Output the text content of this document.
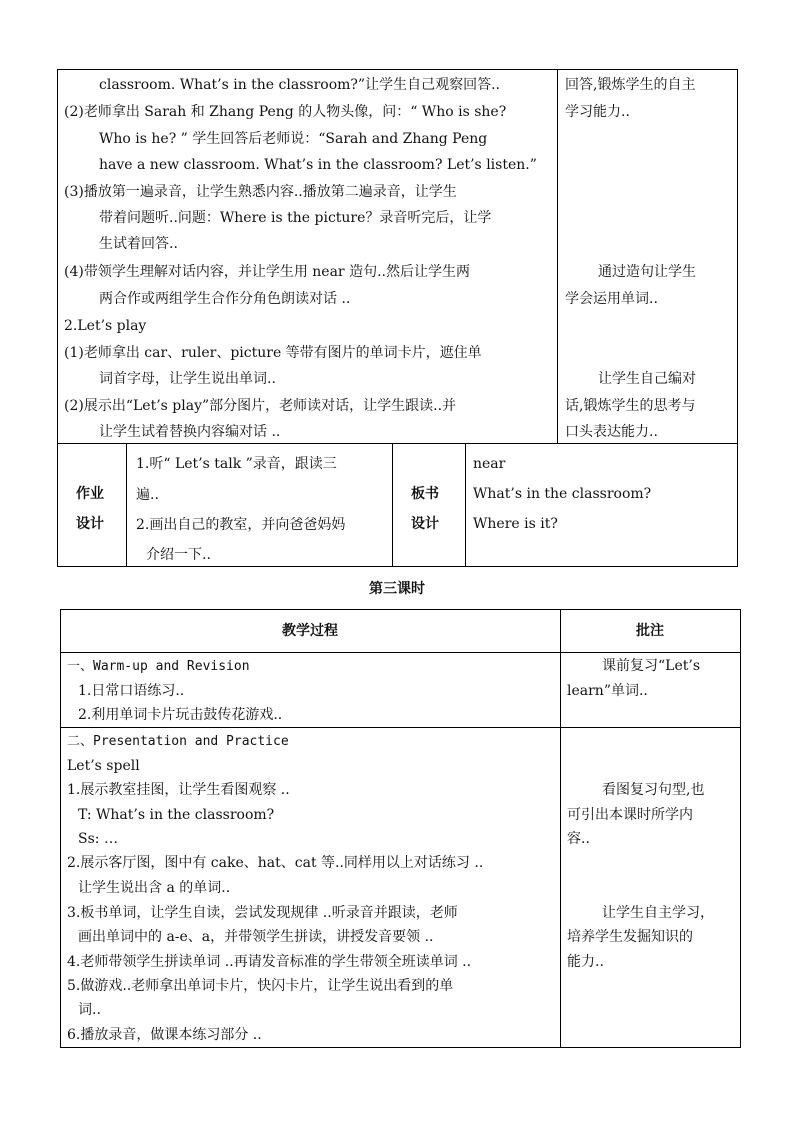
classroom. What’s in the classroom?”让学生自己观察回答..
(2)老师拿出 Sarah 和 Zhang Peng 的人物头像，问：“ Who is she?
Who is he? ” 学生回答后老师说：“Sarah and Zhang Peng
have a new classroom. What’s in the classroom? Let’s listen.”
(3)播放第一遍录音，让学生熟悉内容..播放第二遍录音，让学生
带着问题听..问题：Where is the picture？录音听完后，让学
生试着回答..
(4)带领学生理解对话内容，并让学生用 near 造句..然后让学生两
两合作或两组学生合作分角色朗读对话 ..
2.Let’s play
(1)老师拿出 car、ruler、picture 等带有图片的单词卡片，遮住单
词首字母，让学生说出单词..
(2)展示出“Let’s play”部分图片，老师读对话，让学生跟读..并
让学生试着替换内容编对话 ..
回答,锻炼学生的自主
学习能力..
通过造句让学生
学会运用单词..
让学生自己编对
话,锻炼学生的思考与
口头表达能力..
作业
设计
1.听“ Let’s talk ”录音，跟读三
遍..
2.画出自己的教室，并向爸爸妈妈
介绍一下..
板书
设计
near
What’s in the classroom?
Where is it?
第三课时
教学过程	批注
一、Warm-up and Revision
1.日常口语练习..
2.利用单词卡片玩击鼓传花游戏..
课前复习“Let’s
learn”单词..
二、Presentation and Practice
Let’s spell
1.展示教室挂图，让学生看图观察 ..
T: What’s in the classroom?
Ss: …
2.展示客厅图，图中有 cake、hat、cat 等..同样用以上对话练习 ..
让学生说出含 a 的单词..
3.板书单词，让学生自读，尝试发现规律 ..听录音并跟读，老师
画出单词中的 a-e、a，并带领学生拼读，讲授发音要领 ..
4.老师带领学生拼读单词 ..再请发音标准的学生带领全班读单词 ..
5.做游戏..老师拿出单词卡片，快闪卡片，让学生说出看到的单
词..
6.播放录音，做课本练习部分 ..
看图复习句型,也
可引出本课时所学内
容..
让学生自主学习，
培养学生发掘知识的
能力..
